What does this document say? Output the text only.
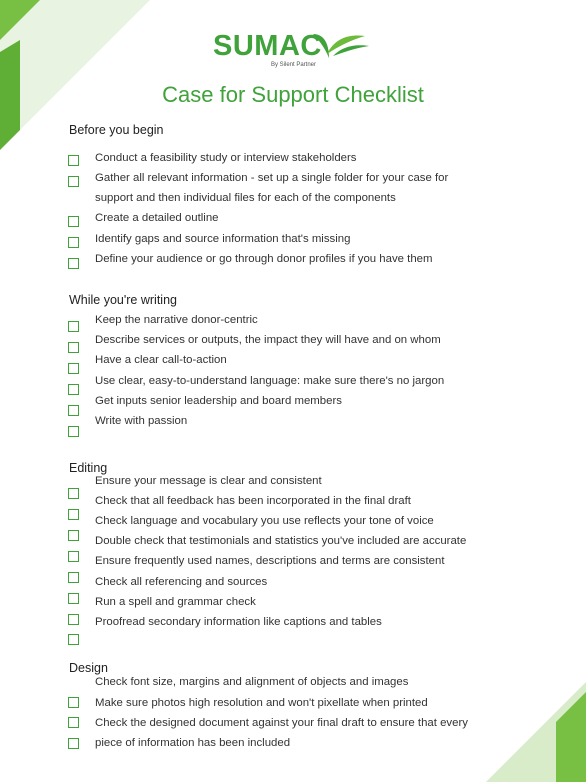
SUMAC
By Silent Partner
Case for Support Checklist
Before you begin
Conduct a feasibility study or interview stakeholders
Gather all relevant information - set up a single folder for your case for
support and then individual files for each of the components
Create a detailed outline
Identify gaps and source information that's missing
Define your audience or go through donor profiles if you have them
While you're writing
Keep the narrative donor-centric
Describe services or outputs, the impact they will have and on whom
Have a clear call-to-action
Use clear, easy-to-understand language: make sure there's no jargon
Get inputs senior leadership and board members
Write with passion
Editing
Ensure your message is clear and consistent
Check that all feedback has been incorporated in the final draft
Check language and vocabulary you use reflects your tone of voice
Double check that testimonials and statistics you've included are accurate
Ensure frequently used names, descriptions and terms are consistent
Check all referencing and sources
Run a spell and grammar check
Proofread secondary information like captions and tables
Design
Check font size, margins and alignment of objects and images
Make sure photos high resolution and won't pixellate when printed
Check the designed document against your final draft to ensure that every
piece of information has been included
